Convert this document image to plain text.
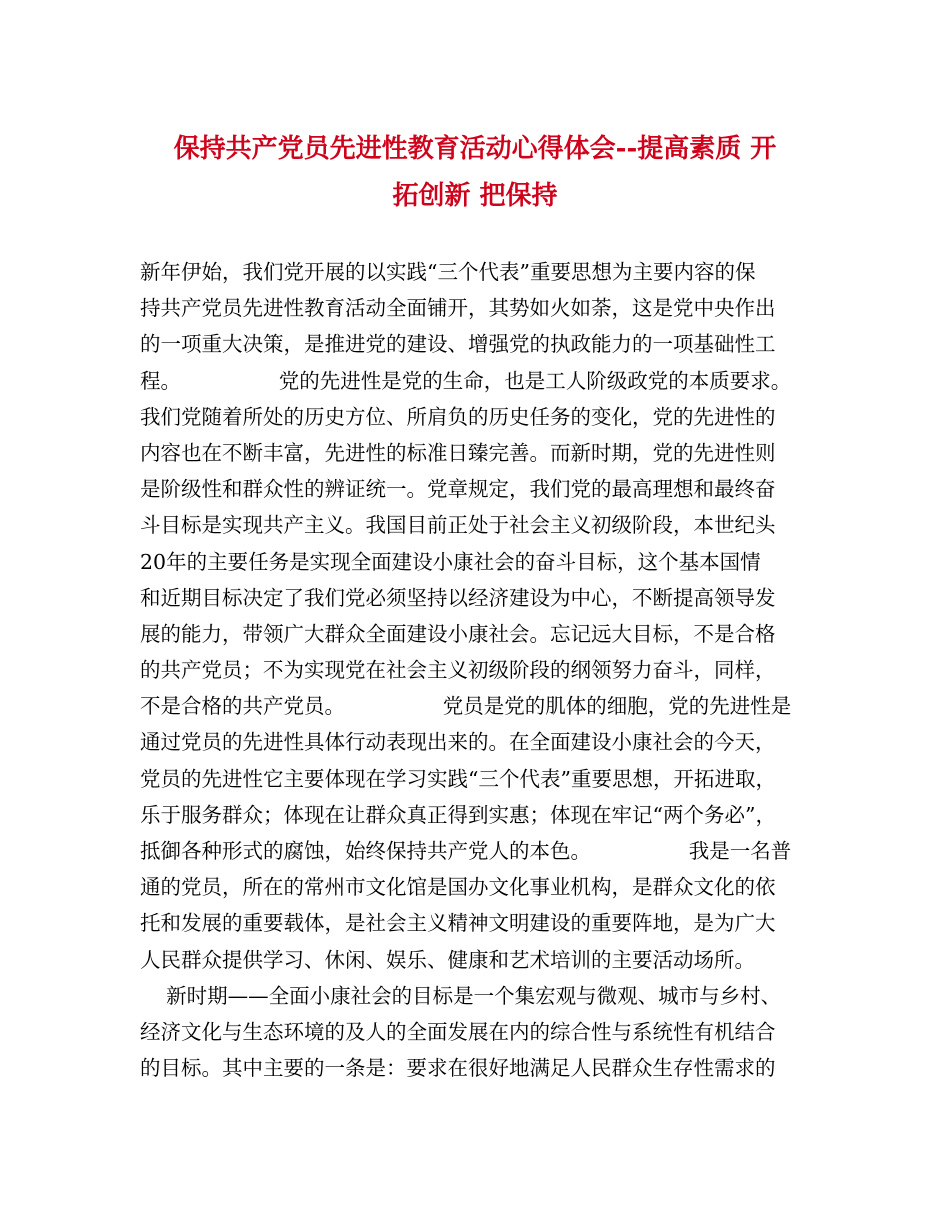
保持共产党员先进性教育活动心得体会--提高素质 开
拓创新 把保持
新年伊始，我们党开展的以实践“三个代表”重要思想为主要内容的保
持共产党员先进性教育活动全面铺开，其势如火如荼，这是党中央作出
的一项重大决策，是推进党的建设、增强党的执政能力的一项基础性工
程。               党的先进性是党的生命，也是工人阶级政党的本质要求。
我们党随着所处的历史方位、所肩负的历史任务的变化，党的先进性的
内容也在不断丰富，先进性的标准日臻完善。而新时期，党的先进性则
是阶级性和群众性的辨证统一。党章规定，我们党的最高理想和最终奋
斗目标是实现共产主义。我国目前正处于社会主义初级阶段，本世纪头
20年的主要任务是实现全面建设小康社会的奋斗目标，这个基本国情
和近期目标决定了我们党必须坚持以经济建设为中心，不断提高领导发
展的能力，带领广大群众全面建设小康社会。忘记远大目标，不是合格
的共产党员；不为实现党在社会主义初级阶段的纲领努力奋斗，同样，
不是合格的共产党员。               党员是党的肌体的细胞，党的先进性是
通过党员的先进性具体行动表现出来的。在全面建设小康社会的今天，
党员的先进性它主要体现在学习实践“三个代表”重要思想，开拓进取，
乐于服务群众；体现在让群众真正得到实惠；体现在牢记“两个务必”，
抵御各种形式的腐蚀，始终保持共产党人的本色。               我是一名普
通的党员，所在的常州市文化馆是国办文化事业机构，是群众文化的依
托和发展的重要载体，是社会主义精神文明建设的重要阵地，是为广大
人民群众提供学习、休闲、娱乐、健康和艺术培训的主要活动场所。
新时期——全面小康社会的目标是一个集宏观与微观、城市与乡村、
经济文化与生态环境的及人的全面发展在内的综合性与系统性有机结合
的目标。其中主要的一条是：要求在很好地满足人民群众生存性需求的
